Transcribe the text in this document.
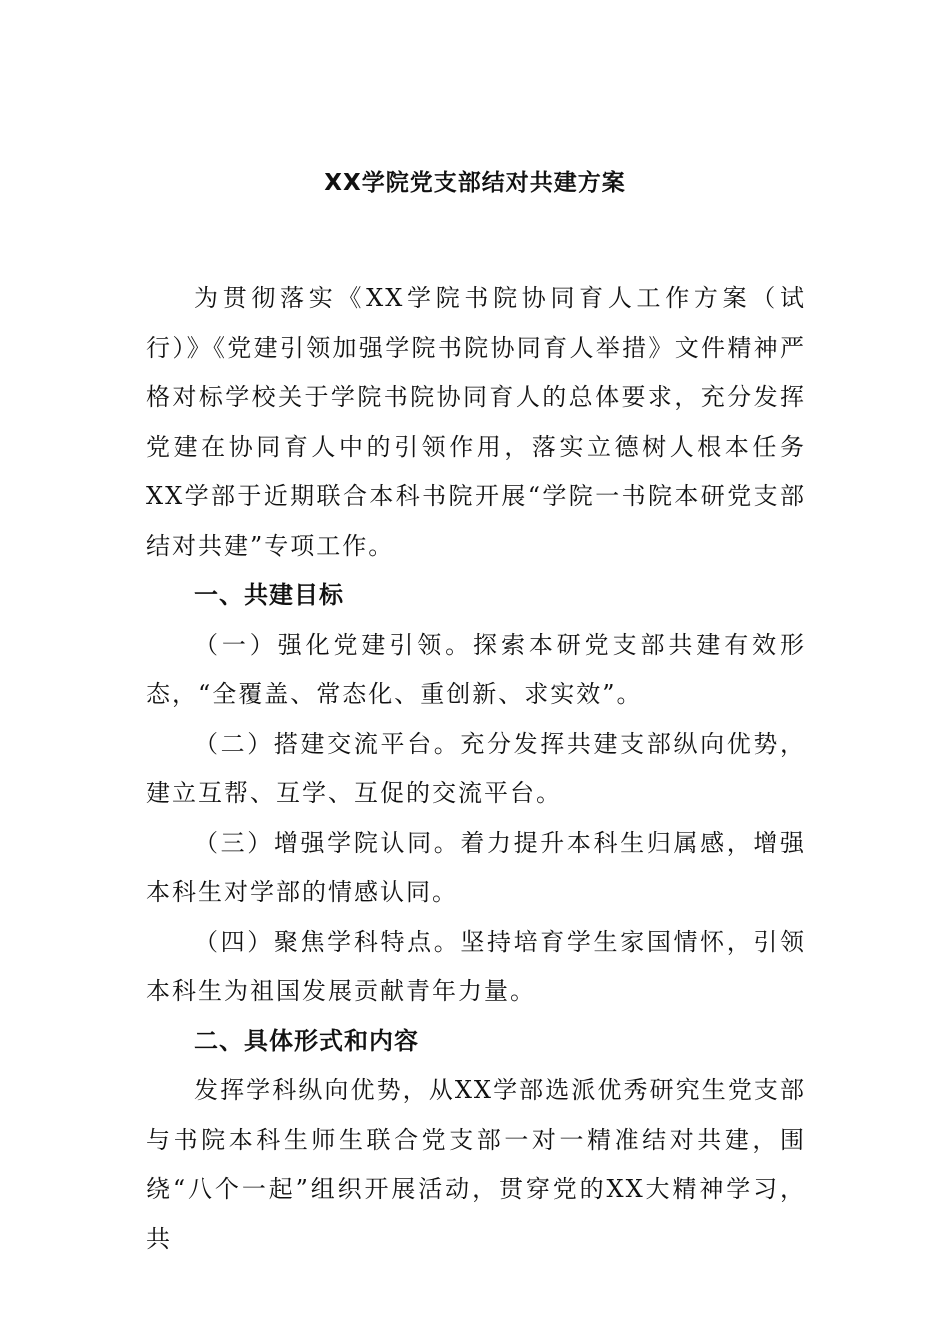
XX学院党支部结对共建方案

为贯彻落实《XX学院书院协同育人工作方案（试行）》《党建引领加强学院书院协同育人举措》文件精神严格对标学校关于学院书院协同育人的总体要求，充分发挥党建在协同育人中的引领作用，落实立德树人根本任务XX学部于近期联合本科书院开展“学院一书院本研党支部结对共建”专项工作。

一、共建目标

（一）强化党建引领。探索本研党支部共建有效形态，“全覆盖、常态化、重创新、求实效”。

（二）搭建交流平台。充分发挥共建支部纵向优势，建立互帮、互学、互促的交流平台。

（三）增强学院认同。着力提升本科生归属感，增强本科生对学部的情感认同。

（四）聚焦学科特点。坚持培育学生家国情怀，引领本科生为祖国发展贡献青年力量。

二、具体形式和内容

发挥学科纵向优势，从XX学部选派优秀研究生党支部与书院本科生师生联合党支部一对一精准结对共建，围绕“八个一起”组织开展活动，贯穿党的XX大精神学习，共
